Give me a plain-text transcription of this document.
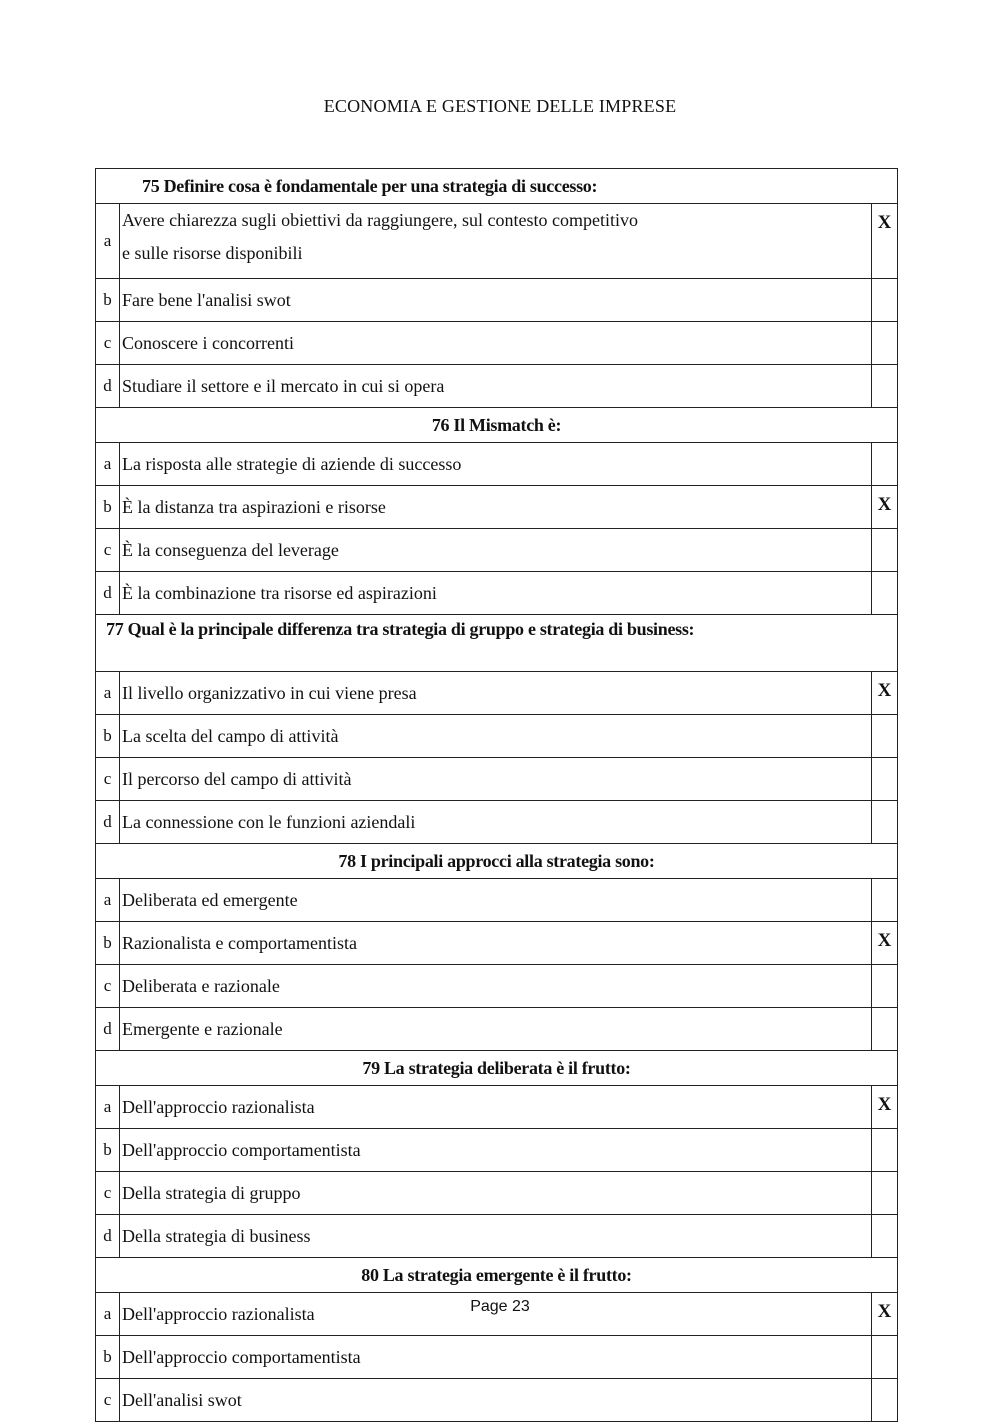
ECONOMIA E GESTIONE DELLE IMPRESE
75 Definire cosa è fondamentale per una strategia di successo:		
a	Avere chiarezza sugli obiettivi da raggiungere, sul contesto competitivo
e sulle risorse disponibili	X
b	Fare bene l'analisi swot	
c	Conoscere i concorrenti	
d	Studiare il settore e il mercato in cui si opera	
76 Il Mismatch è:		
a	La risposta alle strategie di aziende di successo	
b	È la distanza tra aspirazioni e risorse	X
c	È la conseguenza del leverage	
d	È la combinazione tra risorse ed aspirazioni	
77 Qual è la principale differenza tra strategia di gruppo e strategia di business:		
a	Il livello organizzativo in cui viene presa	X
b	La scelta del campo di attività	
c	Il percorso del campo di attività	
d	La connessione con le funzioni aziendali	
78 I principali approcci alla strategia sono:		
a	Deliberata ed emergente	
b	Razionalista e comportamentista	X
c	Deliberata e razionale	
d	Emergente e razionale	
79 La strategia deliberata è il frutto:		
a	Dell'approccio razionalista	X
b	Dell'approccio comportamentista	
c	Della strategia di gruppo	
d	Della strategia di business	
80 La strategia emergente è il frutto:		
a	Dell'approccio razionalista	X
b	Dell'approccio comportamentista	
c	Dell'analisi swot	
Page 23
